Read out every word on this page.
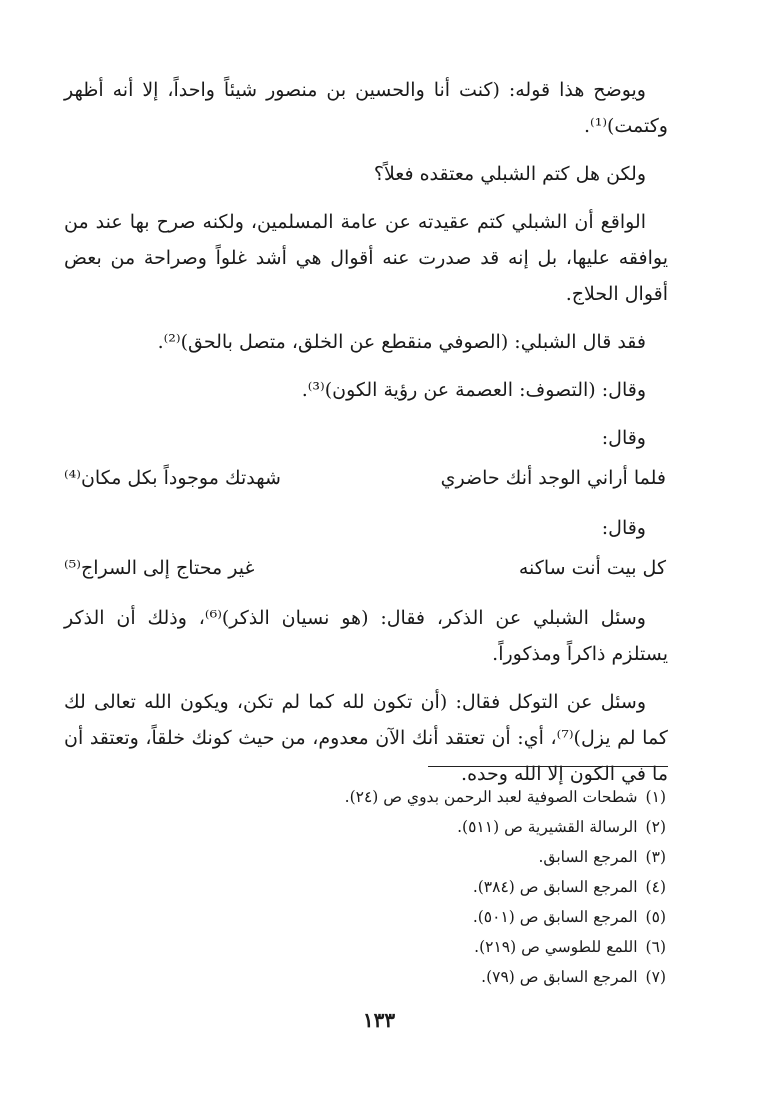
ويوضح هذا قوله: (كنت أنا والحسين بن منصور شيئاً واحداً، إلا أنه أظهر وكتمت)⁽¹⁾.

ولكن هل كتم الشبلي معتقده فعلاً؟

الواقع أن الشبلي كتم عقيدته عن عامة المسلمين، ولكنه صرح بها عند من يوافقه عليها، بل إنه قد صدرت عنه أقوال هي أشد غلواً وصراحة من بعض أقوال الحلاج.

فقد قال الشبلي: (الصوفي منقطع عن الخلق، متصل بالحق)⁽²⁾.

وقال: (التصوف: العصمة عن رؤية الكون)⁽³⁾.

وقال:

فلما أراني الوجد أنك حاضري
شهدتك موجوداً بكل مكان⁽⁴⁾

وقال:

كل بيت أنت ساكنه
غير محتاج إلى السراج⁽⁵⁾

وسئل الشبلي عن الذكر، فقال: (هو نسيان الذكر)⁽⁶⁾، وذلك أن الذكر يستلزم ذاكراً ومذكوراً.

وسئل عن التوكل فقال: (أن تكون لله كما لم تكن، ويكون الله تعالى لك كما لم يزل)⁽⁷⁾، أي: أن تعتقد أنك الآن معدوم، من حيث كونك خلقاً، وتعتقد أن ما في الكون إلا الله وحده.

(١)شطحات الصوفية لعبد الرحمن بدوي ص (٢٤).
(٢)الرسالة القشيرية ص (٥١١).
(٣)المرجع السابق.
(٤)المرجع السابق ص (٣٨٤).
(٥)المرجع السابق ص (٥٠١).
(٦)اللمع للطوسي ص (٢١٩).
(٧)المرجع السابق ص (٧٩).
١٣٣
